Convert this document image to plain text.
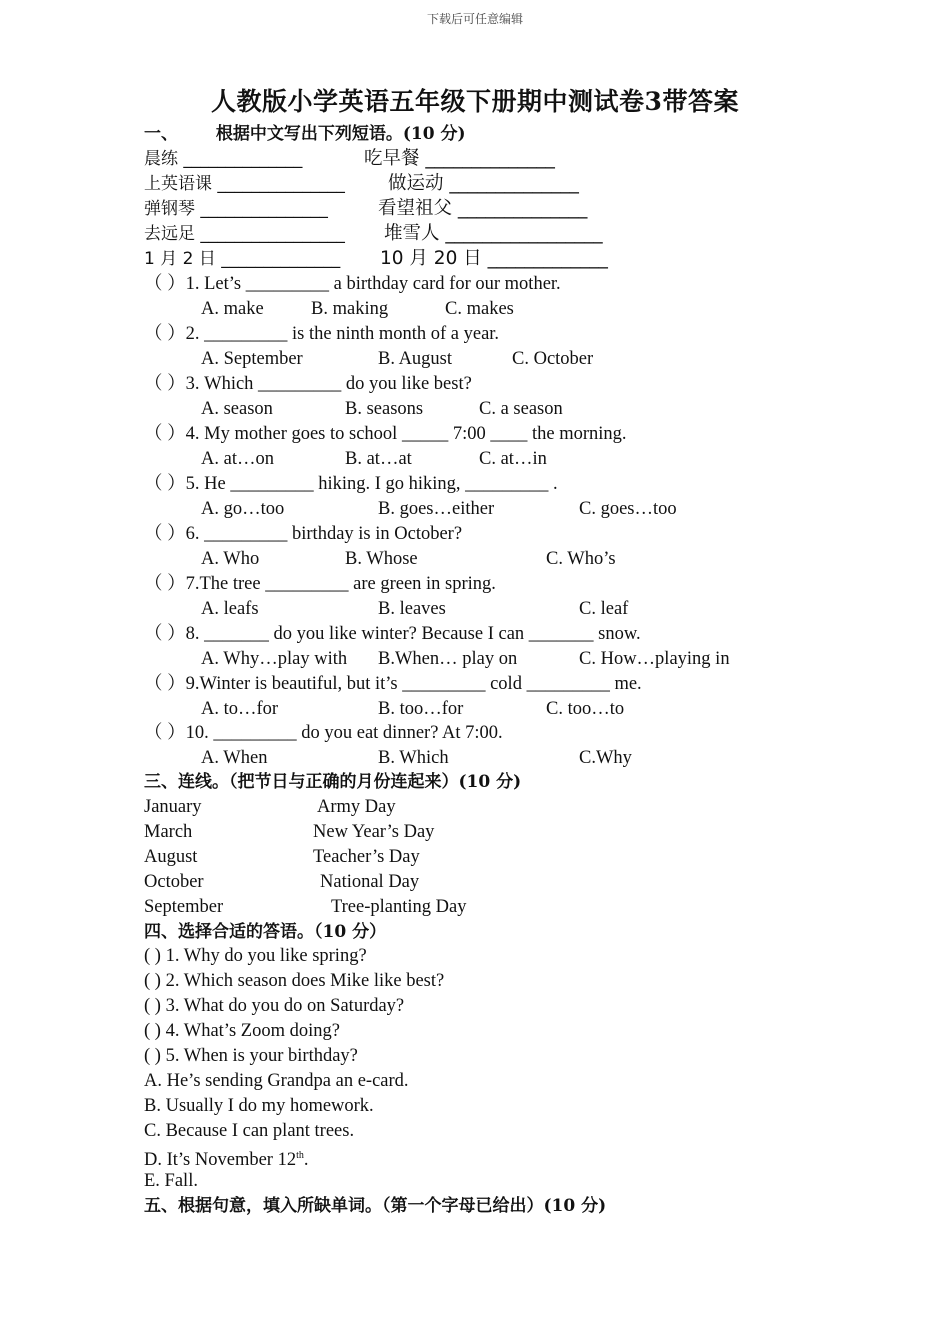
下载后可任意编辑
人教版小学英语五年级下册期中测试卷3带答案
一、 根据中文写出下列短语。(10 分)
晨练 ______________	吃早餐 ______________
上英语课 _______________ 做运动 ______________
弹钢琴 _______________	看望祖父 ______________
去远足 _________________ 堆雪人 _________________
1 月 2 日 ______________ 10 月 20 日 _____________
（ ）1. Let’s _________ a birthday card for our mother.
A. make	B. making	C. makes
（ ）2. _________ is the ninth month of a year.
A. September	B. August	C. October
（ ）3. Which _________ do you like best?
A. season	B. seasons	C. a season
（ ）4. My mother goes to school _____ 7:00 ____ the morning.
A. at…on	B. at…at	C. at…in
（ ）5. He _________ hiking. I go hiking, _________ .
A. go…too	B. goes…either	C. goes…too
（ ）6. _________ birthday is in October?
A. Who	B. Whose	C. Who’s
（ ）7.The tree _________ are green in spring.
A. leafs	B. leaves	C. leaf
（ ）8. _______ do you like winter? Because I can _______ snow.
A. Why…play with B.When… play on	C. How…playing in
（ ）9.Winter is beautiful, but it’s _________ cold _________ me.
A. to…for	B. too…for	C. too…to
（ ）10. _________ do you eat dinner? At 7:00.
A. When	B. Which	C.Why
三、连线。（把节日与正确的月份连起来）(10 分)
January	Army Day
March	New Year’s Day
August	Teacher’s Day
October	National Day
September	Tree-planting Day
四、选择合适的答语。（10 分）
( ) 1. Why do you like spring?
( ) 2. Which season does Mike like best?
( ) 3. What do you do on Saturday?
( ) 4. What’s Zoom doing?
( ) 5. When is your birthday?
A. He’s sending Grandpa an e-card.
B. Usually I do my homework.
C. Because I can plant trees.
D. It’s November 12th.
E. Fall.
五、根据句意，填入所缺单词。（第一个字母已给出）(10 分)
